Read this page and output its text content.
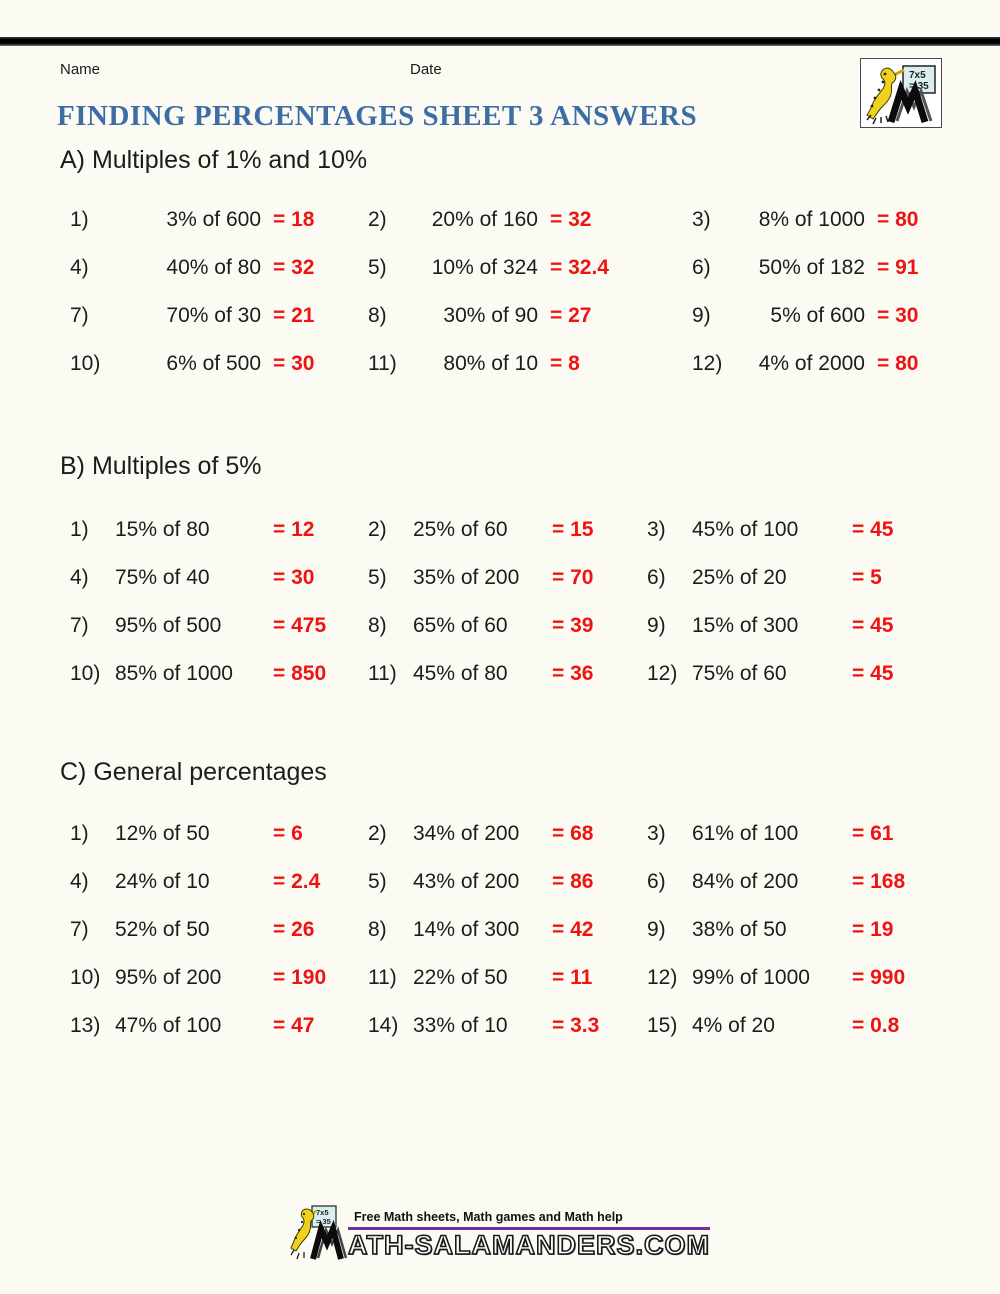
Name	Date	7x5
= 35
FINDING PERCENTAGES SHEET 3 ANSWERS
A) Multiples of 1% and 10%
1)	3% of 600 = 18	2)	20% of 160 = 32	3)	8% of 1000 = 80
4)	40% of 80 = 32	5)	10% of 324 = 32.4	6)	50% of 182 = 91
7)	70% of 30 = 21	8)	30% of 90 = 27	9)	5% of 600 = 30
10)	6% of 500 = 30	11)	80% of 10 = 8	12)	4% of 2000 = 80
B) Multiples of 5%
1)	15% of 80	= 12	2)	25% of 60	= 15	3)	45% of 100	= 45
4)	75% of 40	= 30	5)	35% of 200	= 70	6)	25% of 20	= 5
7)	95% of 500	= 475	8)	65% of 60	= 39	9)	15% of 300	= 45
10) 85% of 1000	= 850	11) 45% of 80	= 36	12) 75% of 60	= 45
C) General percentages
1)	12% of 50	= 6	2)	34% of 200	= 68	3)	61% of 100	= 61
4)	24% of 10	= 2.4	5)	43% of 200	= 86	6)	84% of 200	= 168
7)	52% of 50	= 26	8)	14% of 300	= 42	9)	38% of 50	= 19
10) 95% of 200	= 190	11) 22% of 50	= 11	12) 99% of 1000	= 990
13) 47% of 100	= 47	14) 33% of 10	= 3.3	15) 4% of 20	= 0.8
7x5
= 35	Free Math sheets, Math games and Math help
ATH-SALAMANDERS.COM
